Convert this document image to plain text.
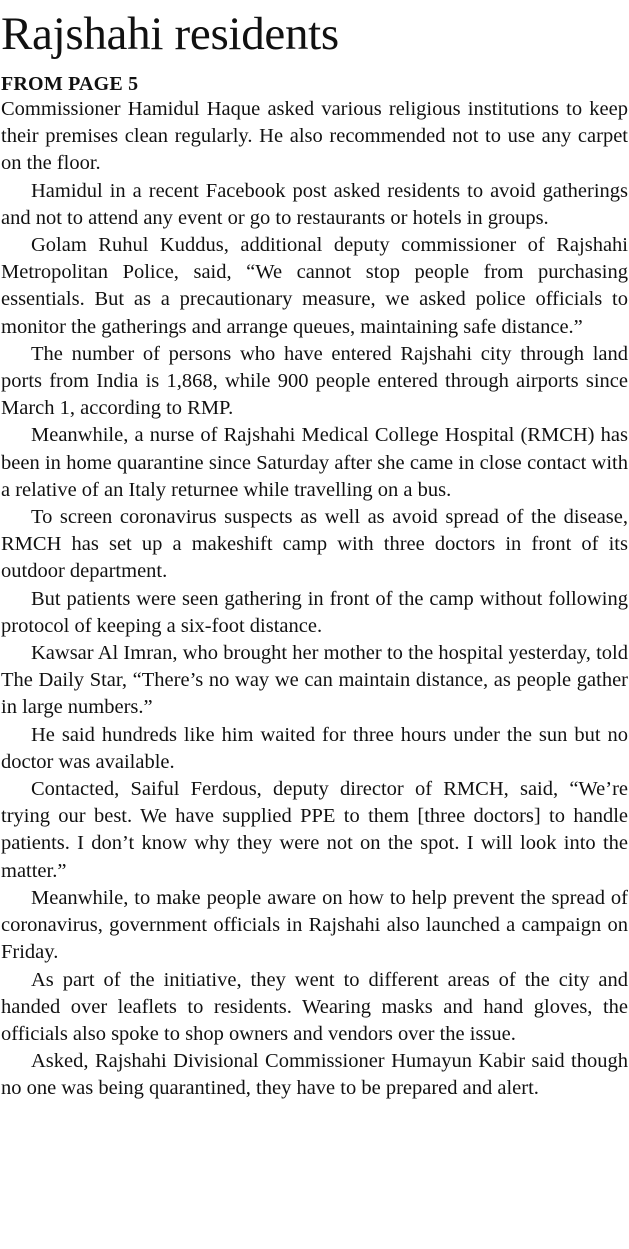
Rajshahi residents
FROM PAGE 5

Commissioner Hamidul Haque asked various religious institutions to keep their premises clean regularly. He also recommended not to use any carpet on the floor.

Hamidul in a recent Facebook post asked residents to avoid gatherings and not to attend any event or go to restaurants or hotels in groups.

Golam Ruhul Kuddus, additional deputy commissioner of Rajshahi Metropolitan Police, said, “We cannot stop people from purchasing essentials. But as a precautionary measure, we asked police officials to monitor the gatherings and arrange queues, maintaining safe distance.”

The number of persons who have entered Rajshahi city through land ports from India is 1,868, while 900 people entered through airports since March 1, according to RMP.

Meanwhile, a nurse of Rajshahi Medical College Hospital (RMCH) has been in home quarantine since Saturday after she came in close contact with a relative of an Italy returnee while travelling on a bus.

To screen coronavirus suspects as well as avoid spread of the disease, RMCH has set up a makeshift camp with three doctors in front of its outdoor department.

But patients were seen gathering in front of the camp without following protocol of keeping a six-foot distance.

Kawsar Al Imran, who brought her mother to the hospital yesterday, told The Daily Star, “There’s no way we can maintain distance, as people gather in large numbers.”

He said hundreds like him waited for three hours under the sun but no doctor was available.

Contacted, Saiful Ferdous, deputy director of RMCH, said, “We’re trying our best. We have supplied PPE to them [three doctors] to handle patients. I don’t know why they were not on the spot. I will look into the matter.”

Meanwhile, to make people aware on how to help prevent the spread of coronavirus, government officials in Rajshahi also launched a campaign on Friday.

As part of the initiative, they went to different areas of the city and handed over leaflets to residents. Wearing masks and hand gloves, the officials also spoke to shop owners and vendors over the issue.

Asked, Rajshahi Divisional Commissioner Humayun Kabir said though no one was being quarantined, they have to be prepared and alert.
